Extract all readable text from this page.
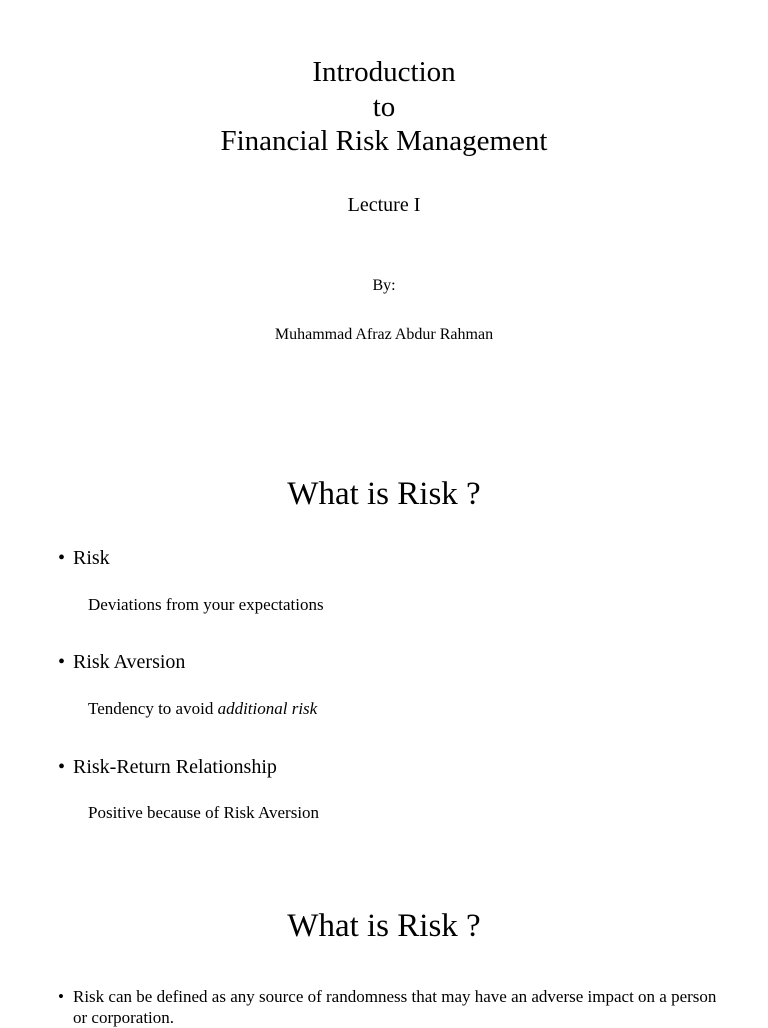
Introduction
to
Financial Risk Management
Lecture I
By:
Muhammad Afraz Abdur Rahman
What is Risk ?
• Risk
Deviations from your expectations
• Risk Aversion
Tendency to avoid additional risk
• Risk-Return Relationship
Positive because of Risk Aversion
What is Risk ?
• Risk can be defined as any source of randomness that may have an adverse impact on a person or corporation.
